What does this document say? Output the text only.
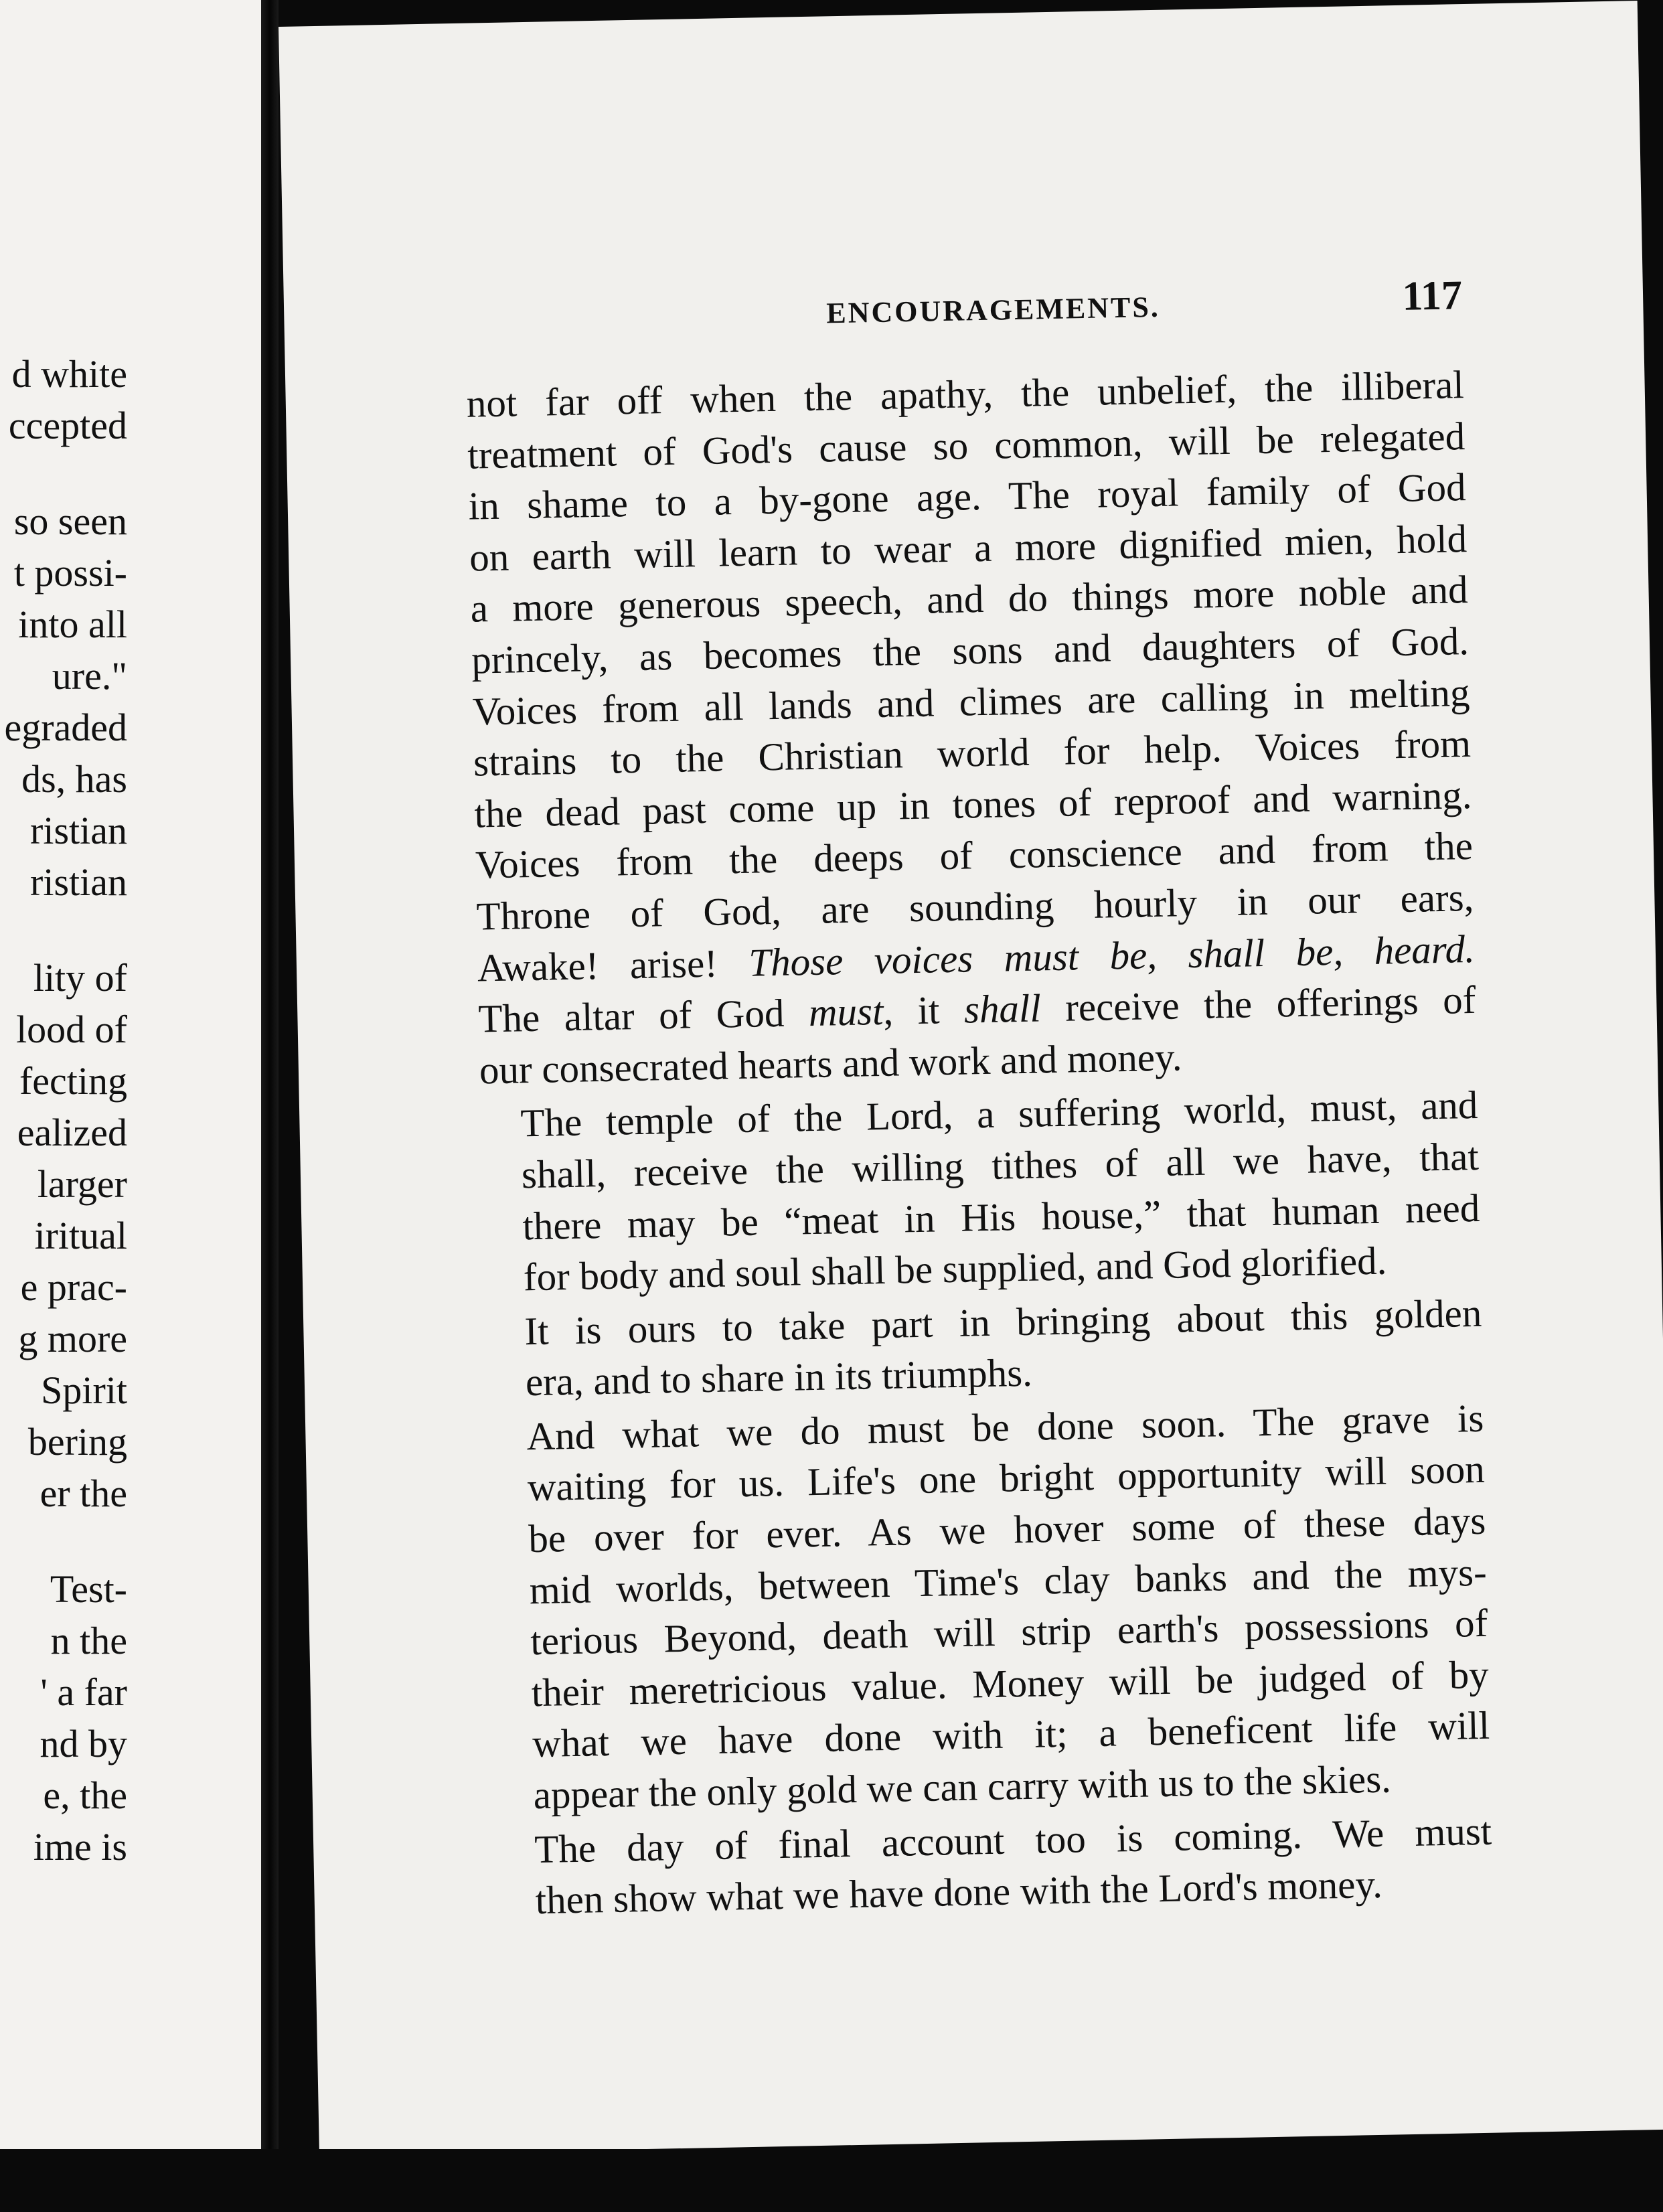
d white
ccepted
so seen
t possi-
into all
ure."
egraded
ds, has
ristian
ristian
lity of
lood of
fecting
ealized
larger
iritual
e prac-
g more
Spirit
bering
er the
Test-
n the
' a far
nd by
e, the
ime is
ENCOURAGEMENTS.	117

not far off when the apathy, the unbelief, the illiberal
treatment of God's cause so common, will be relegated
in shame to a by-gone age. The royal family of God
on earth will learn to wear a more dignified mien, hold
a more generous speech, and do things more noble and
princely, as becomes the sons and daughters of God.
Voices from all lands and climes are calling in melting
strains to the Christian world for help. Voices from
the dead past come up in tones of reproof and warning.
Voices from the deeps of conscience and from the
Throne of God, are sounding hourly in our ears,
Awake! arise! Those voices must be, shall be, heard.
The altar of God must, it shall receive the offerings of
our consecrated hearts and work and money.

The temple of the Lord, a suffering world, must, and
shall, receive the willing tithes of all we have, that
there may be “meat in His house,” that human need
for body and soul shall be supplied, and God glorified.

It is ours to take part in bringing about this golden
era, and to share in its triumphs.

And what we do must be done soon. The grave is
waiting for us. Life's one bright opportunity will soon
be over for ever. As we hover some of these days
mid worlds, between Time's clay banks and the mys-
terious Beyond, death will strip earth's possessions of
their meretricious value. Money will be judged of by
what we have done with it; a beneficent life will
appear the only gold we can carry with us to the skies.

The day of final account too is coming. We must
then show what we have done with the Lord's money.
